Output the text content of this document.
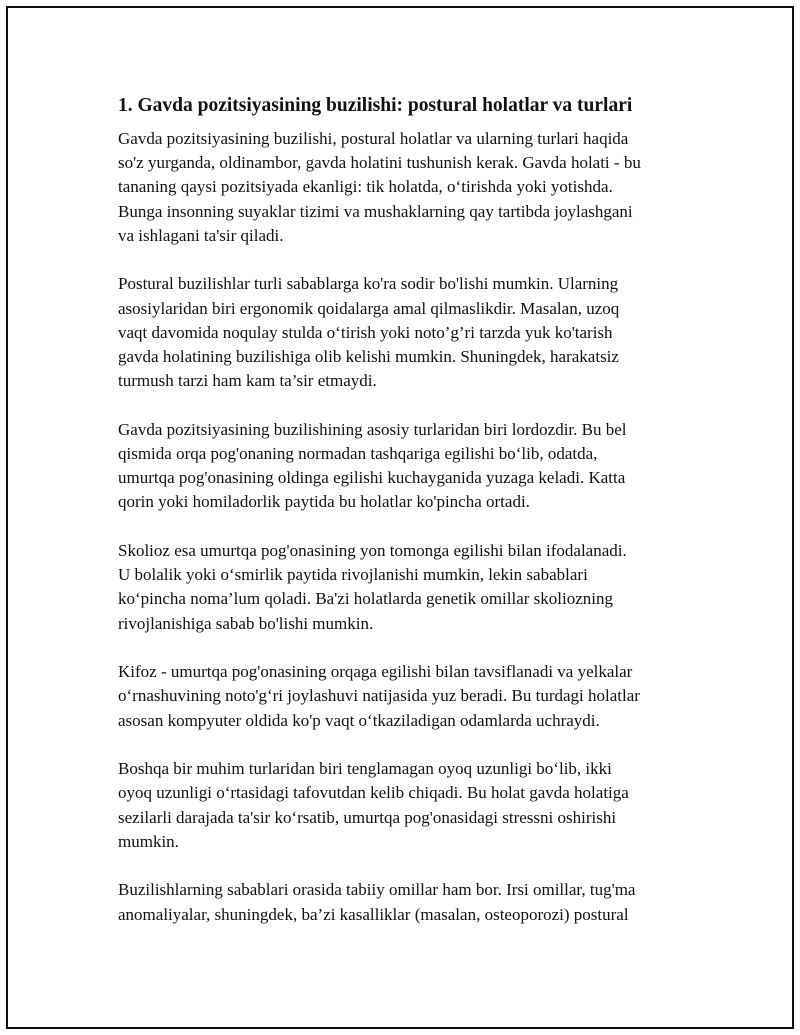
1. Gavda pozitsiyasining buzilishi: postural holatlar va turlari

Gavda pozitsiyasining buzilishi, postural holatlar va ularning turlari haqida
so'z yurganda, oldinambor, gavda holatini tushunish kerak. Gavda holati - bu
tananing qaysi pozitsiyada ekanligi: tik holatda, o‘tirishda yoki yotishda.
Bunga insonning suyaklar tizimi va mushaklarning qay tartibda joylashgani
va ishlagani ta'sir qiladi.

Postural buzilishlar turli sabablarga ko'ra sodir bo'lishi mumkin. Ularning
asosiylaridan biri ergonomik qoidalarga amal qilmaslikdir. Masalan, uzoq
vaqt davomida noqulay stulda o‘tirish yoki noto’g’ri tarzda yuk ko'tarish
gavda holatining buzilishiga olib kelishi mumkin. Shuningdek, harakatsiz
turmush tarzi ham kam ta’sir etmaydi.

Gavda pozitsiyasining buzilishining asosiy turlaridan biri lordozdir. Bu bel
qismida orqa pog'onaning normadan tashqariga egilishi bo‘lib, odatda,
umurtqa pog'onasining oldinga egilishi kuchayganida yuzaga keladi. Katta
qorin yoki homiladorlik paytida bu holatlar ko'pincha ortadi.

Skolioz esa umurtqa pog'onasining yon tomonga egilishi bilan ifodalanadi.
U bolalik yoki o‘smirlik paytida rivojlanishi mumkin, lekin sabablari
ko‘pincha noma’lum qoladi. Ba'zi holatlarda genetik omillar skoliozning
rivojlanishiga sabab bo'lishi mumkin.

Kifoz - umurtqa pog'onasining orqaga egilishi bilan tavsiflanadi va yelkalar
o‘rnashuvining noto'g‘ri joylashuvi natijasida yuz beradi. Bu turdagi holatlar
asosan kompyuter oldida ko'p vaqt o‘tkaziladigan odamlarda uchraydi.

Boshqa bir muhim turlaridan biri tenglamagan oyoq uzunligi bo‘lib, ikki
oyoq uzunligi o‘rtasidagi tafovutdan kelib chiqadi. Bu holat gavda holatiga
sezilarli darajada ta'sir ko‘rsatib, umurtqa pog'onasidagi stressni oshirishi
mumkin.

Buzilishlarning sabablari orasida tabiiy omillar ham bor. Irsi omillar, tug'ma
anomaliyalar, shuningdek, ba’zi kasalliklar (masalan, osteoporozi) postural
